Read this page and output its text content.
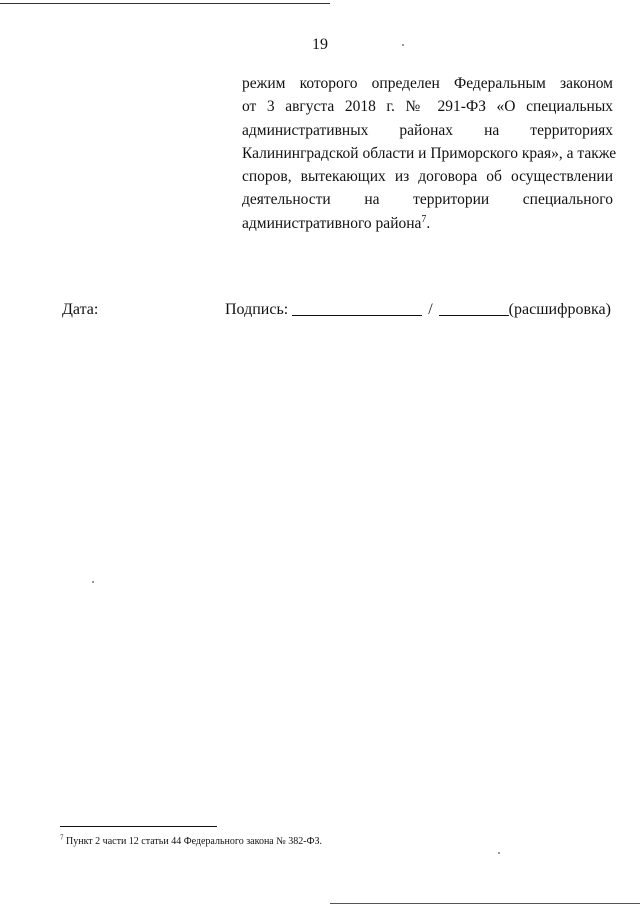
19
режим которого определен Федеральным законом
от 3 августа 2018 г. № 291-ФЗ «О специальных
административных районах на территориях
Калининградской области и Приморского края», а также
споров, вытекающих из договора об осуществлении
деятельности на территории специального
административного района$^7$.
Дата:	Подпись:	/	(расшифровка)
$^7$ Пункт 2 части 12 статьи 44 Федерального закона № 382-ФЗ.
